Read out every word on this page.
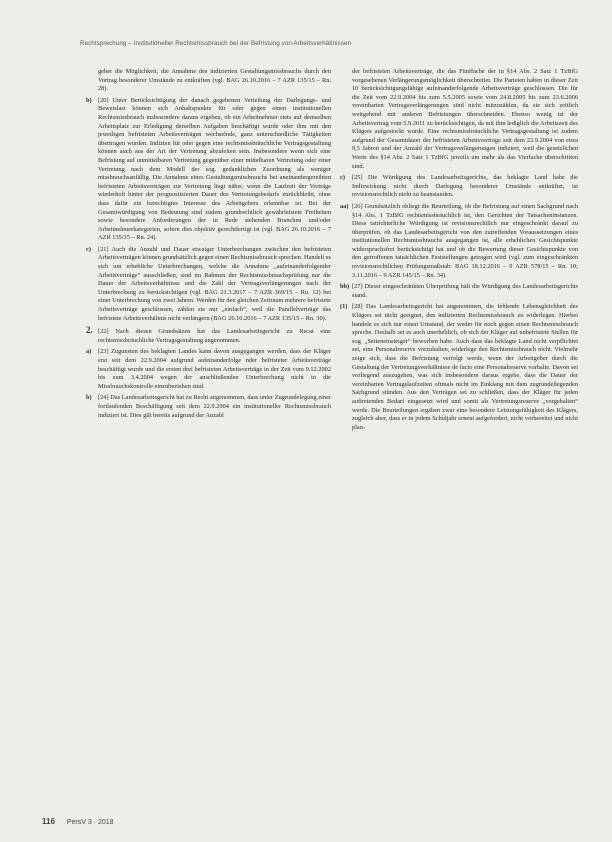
Rechtsprechung – Institutioneller Rechtsmissbrauch bei der Befristung von Arbeitsverhältnissen

geber die Möglichkeit, die Annahme des indizierten Gestaltungsmissbrauchs durch den Vortrag besonderer Umstände zu entkräften (vgl. BAG 26.10.2016 – 7 AZR 135/15 – Rn. 28).

b) [20] Unter Berücksichtigung der danach gegebenen Verteilung der Darlegungs- und Beweislast können sich Anhaltspunkte für oder gegen einen institutionellen Rechtsmissbrauch insbesondere daraus ergeben, ob ein Arbeitnehmer stets auf demselben Arbeitsplatz zur Erledigung derselben Aufgaben beschäftigt wurde oder ihm mit den jeweiligen befristeten Arbeitsverträgen wechselnde, ganz unterschiedliche Tätigkeiten übertragen wurden. Indizien für oder gegen eine rechtsmissbräuchliche Vertragsgestaltung können auch aus der Art der Vertretung abzuleiten sein. Insbesondere wenn sich eine Befristung auf unmittelbaren Vertretung gegenüber einer mittelbaren Vertretung oder einer Vertretung nach dem Modell der sog. gedanklichen Zuordnung als weniger missbrauchsanfällig. Die Annahme eines Gestaltungsmissbrauchs bei aneinandergereihten befristeten Arbeitsverträgen zur Vertretung liegt näher, wenn die Laufzeit der Verträge wiederholt hinter der prognostizierten Dauer des Vertretungsbedarfs zurückbleibt, ohne dass dafür ein berechtigtes Interesse des Arbeitgebers erkennbar ist. Bei der Gesamtwürdigung von Bedeutung sind zudem grundrechtlich gewährleistete Freiheiten sowie besondere Anforderungen der in Rede stehenden Branchen und/oder Arbeitnehmerkategorien, sofern dies objektiv gerechtfertigt ist (vgl. BAG 26.10.2016 – 7 AZR 135/15 – Rn. 24).

c) [21] Auch die Anzahl und Dauer etwaiger Unterbrechungen zwischen den befristeten Arbeitsverträgen können grundsätzlich gegen einen Rechtsmissbrauch sprechen. Handelt es sich um erhebliche Unterbrechungen, welche die Annahme „aufeinanderfolgender Arbeitsverträge“ ausschließen, sind im Rahmen der Rechtsmissbrauchsprüfung nur die Dauer der Arbeitsverhältnisse und die Zahl der Vertragsverlängerungen nach der Unterbrechung zu berücksichtigen (vgl. BAG 21.3.2017 – 7 AZR 369/15 – Rn. 12) bei einer Unterbrechung von zwei Jahren. Werden für den gleichen Zeitraum mehrere befristete Arbeitsverträge geschlossen, zählen sie nur „einfach“, weil die Parallelverträge das befristete Arbeitsverhältnis nicht verlängern (BAG 26.10.2016 – 7 AZR 135/15 – Rn. 30).

2. [22] Nach diesen Grundsätzen hat das Landesarbeitsgericht zu Recat eine rechtsmissbräuchliche Vertragsgestaltung angenommen.

a) [23] Zugunsten des beklagten Landes kann davon ausgegangen werden, dass der Kläger erst seit dem 22.9.2004 aufgrund aufeinanderfolge nder befristeter Arbeitsverträge beschäftigt wurde und die ersten drei befristeten Arbeitsverträge in der Zeit vom 9.12.2002 bis zum 3.4.2004 wegen der anschließenden Unterbrechung nicht in die Missbrauchskontrolle einzubeziehen sind.

b) [24] Das Landesarbeitsgericht hat zu Recht angenommen, dass unter Zugrundelegung einer fortlaufenden Beschäftigung seit dem 22.9.2004 ein institutioneller Rechtsmissbrauch indiziert ist. Dies gilt bereits aufgrund der Anzahl

der befristeten Arbeitsverträge, die das Fünffache der in §14 Abs. 2 Satz 1 TzBfG vorgesehenen Verlängerungsmöglichkeit überschreitet. Die Parteien haben in dieser Zeit 10 berücksichtigungsfähige aufeinanderfolgende Arbeitsverträge geschlossen. Die für die Zeit vom 22.9.2004 bis zum 5.5.2005 sowie vom 24.8.2005 bis zum 23.6.2006 vereinbarten Vertragsverlängerungen sind nicht mitzuzählen, da sie sich zeitlich weitgehend mit anderen Befristungen überschneiden. Ebenso wenig ist der Arbeitsvertrag vom 5.9.2011 zu berücksichtigen, da mit ihm lediglich die Arbeitszeit des Klägers aufgestockt wurde. Eine rechtsmissbräuchliche Vertragsgestaltung ist zudem aufgrund der Gesamtdauer der befristeten Arbeitsverträge seit dem 22.9.2004 von etwa 9,5 Jahren und der Anzahl der Vertragsverlängerungen indiziert, weil die gesetzlichen Werte des §14 Abs. 2 Satz 1 TzBfG jeweils um mehr als das Vierfache überschritten sind.

c) [25] Die Würdigung des Landesarbeitsgerichts, das beklagte Land habe die Indizwirkung nicht durch Darlegung besonderer Umstände entkräftet, ist revisionsrechtlich nicht zu beanstanden.

aa) [26] Grundsätzlich obliegt die Beurteilung, ob die Befristung auf einen Sachgrund nach §14 Abs. 1 TzBfG rechtsmissbräuchlich ist, den Gerichten der Tatsacheninstanzen. Diese tatrichterliche Würdigung ist revisionsrechtlich nur eingeschränkt darauf zu überprüfen, ob das Landesarbeitsgericht von den zutreffenden Voraussetzungen eines institutionellen Rechtsmissbrauchs ausgegangen ist, alle erheblichen Gesichtspunkte widerspruchsfrei berücksichtigt hat und ob die Bewertung dieser Gesichtspunkte von den getroffenen tatsächlichen Feststellungen getragen wird (vgl. zum eingeschränkten revisionsrechtlichen Prüfungsmaßstab: BAG 18.12.2016 – 9 AZR 578/15 – Rn. 10; 3.11.2016 – 9 AZR 145/15 – Rn. 34).

bb) [27] Dieser eingeschränkten Überprüfung hält die Würdigung des Landesarbeitsgerichts stand.

(1) [28] Das Landesarbeitsgericht hat angenommen, die fehlende Lebensgleichheit des Klägers sei nicht geeignet, den indizierten Rechtsmissbrauch zu widerlegen. Hierbei handele es sich nur einen Umstand, der weder für noch gegen einen Rechtsmissbrauch spreche. Deshalb sei es auch unerheblich, ob sich der Kläger auf unbefristete Stellen für sog. „Seiteneinsteiger“ beworben habe. Auch dass das beklagte Land nicht verpflichtet sei, eine Personalreserve vorzuhalten, widerlege den Rechtsmissbrauch nicht. Vielmehr zeige sich, dass die Befristung verfolgt werde, wenn der Arbeitgeber durch die Gestaltung der Vertretungsverhältnisse de facto eine Personalreserve vorhalte. Davon sei vorliegend auszugehen, was sich insbesondere daraus ergebe, dass die Dauer der vereinbarten Vertragslaufzeiten oftmals nicht im Einklang mit dem zugrundeliegenden Sachgrund stünden. Aus den Verträgen sei zu schließen, dass der Kläger für jeden auftretenden Bedarf eingesetzt wird und somit als Vertretungsreserve „vorgehalten“ werde. Die Beurteilungen ergäben zwar eine besondere Leistungsfähigkeit des Klägers, zugleich aber, dass er in jedem Schuljahr erneut aufgefordert, nicht vorbereitet und nicht plan-

116 PersV 3 · 2018
